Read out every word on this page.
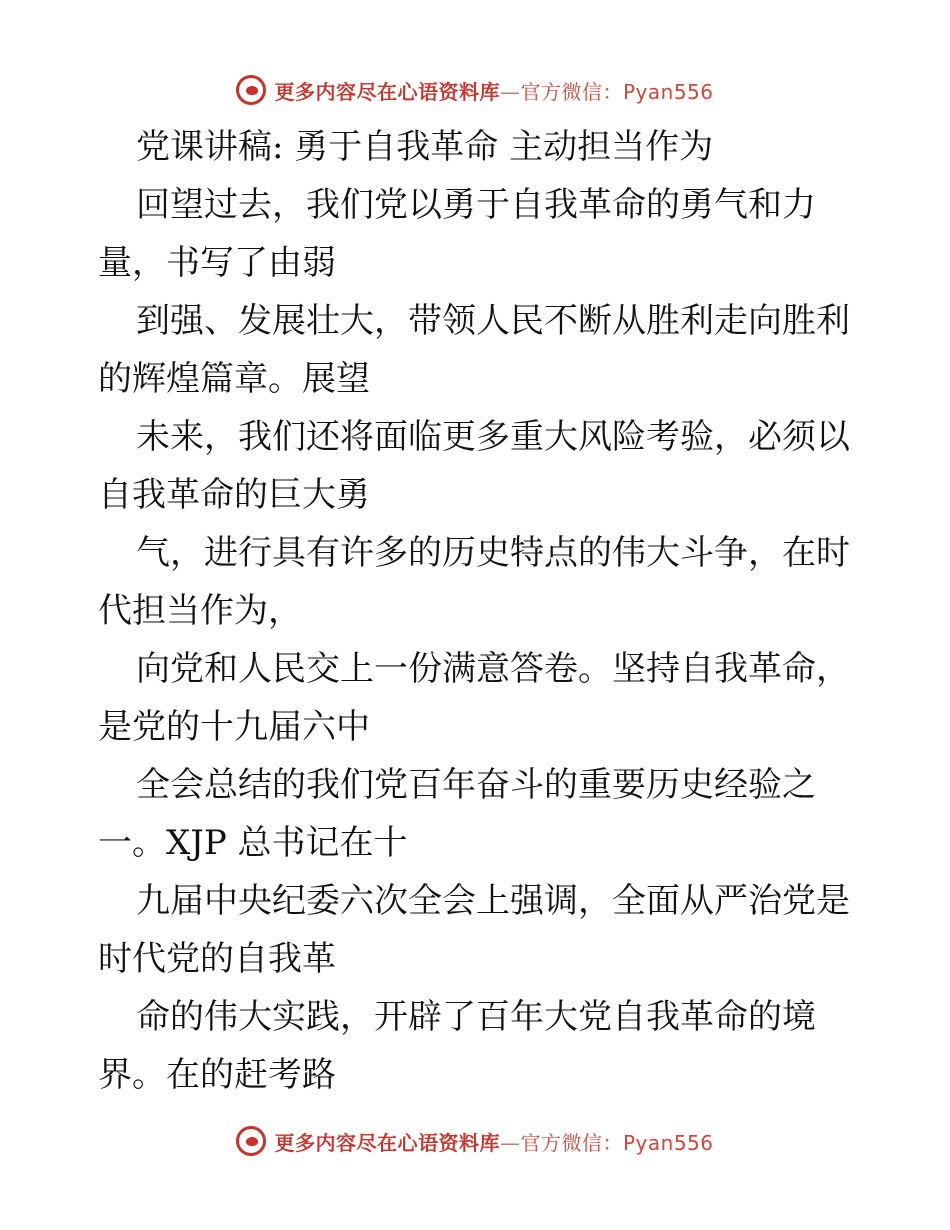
更多内容尽在心语资料库—官方微信：Pyan556
党课讲稿: 勇于自我革命 主动担当作为
回望过去，我们党以勇于自我革命的勇气和力
量，书写了由弱
到强、发展壮大，带领人民不断从胜利走向胜利
的辉煌篇章。展望
未来，我们还将面临更多重大风险考验，必须以
自我革命的巨大勇
气，进行具有许多的历史特点的伟大斗争，在时
代担当作为，
向党和人民交上一份满意答卷。坚持自我革命，
是党的十九届六中
全会总结的我们党百年奋斗的重要历史经验之
一。XJP 总书记在十
九届中央纪委六次全会上强调，全面从严治党是
时代党的自我革
命的伟大实践，开辟了百年大党自我革命的境
界。在的赶考路
更多内容尽在心语资料库—官方微信：Pyan556
